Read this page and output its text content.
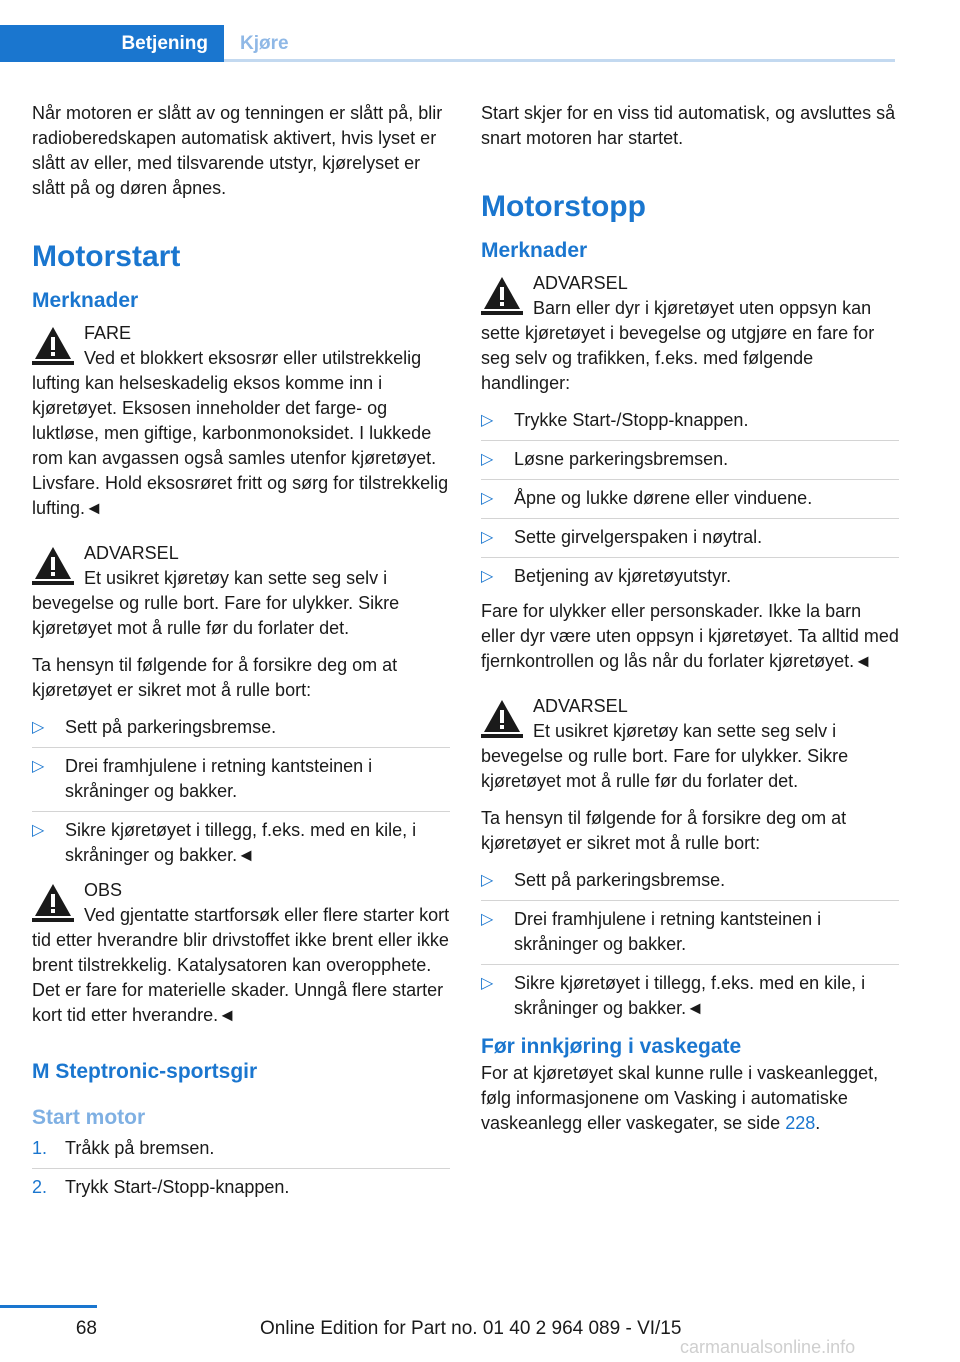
Betjening	Kjøre

Når motoren er slått av og tenningen er slått på, blir radioberedskapen automatisk aktivert, hvis lyset er slått av eller, med tilsvarende utstyr, kjørelyset er slått på og døren åpnes.

Motorstart
Merknader
FARE
Ved et blokkert eksosrør eller utilstrekkelig lufting kan helseskadelig eksos komme inn i kjøretøyet. Eksosen inneholder det farge- og luktløse, men giftige, karbonmonoksidet. I lukkede rom kan avgassen også samles utenfor kjøretøyet. Livsfare. Hold eksosrøret fritt og sørg for tilstrekkelig lufting.◄
ADVARSEL
Et usikret kjøretøy kan sette seg selv i bevegelse og rulle bort. Fare for ulykker. Sikre kjøretøyet mot å rulle før du forlater det.

Ta hensyn til følgende for å forsikre deg om at kjøretøyet er sikret mot å rulle bort:

▷ Sett på parkeringsbremse.
▷ Drei framhjulene i retning kantsteinen i skråninger og bakker.
▷ Sikre kjøretøyet i tillegg, f.eks. med en kile, i skråninger og bakker.◄
OBS
Ved gjentatte startforsøk eller flere starter kort tid etter hverandre blir drivstoffet ikke brent eller ikke brent tilstrekkelig. Katalysatoren kan overopphete. Det er fare for materielle skader. Unngå flere starter kort tid etter hverandre.◄
M Steptronic-sportsgir
Start motor
1. Tråkk på bremsen.
2. Trykk Start-/Stopp-knappen.

Start skjer for en viss tid automatisk, og avsluttes så snart motoren har startet.

Motorstopp
Merknader
ADVARSEL
Barn eller dyr i kjøretøyet uten oppsyn kan sette kjøretøyet i bevegelse og utgjøre en fare for seg selv og trafikken, f.eks. med følgende handlinger:
▷ Trykke Start-/Stopp-knappen.
▷ Løsne parkeringsbremsen.
▷ Åpne og lukke dørene eller vinduene.
▷ Sette girvelgerspaken i nøytral.
▷ Betjening av kjøretøyutstyr.

Fare for ulykker eller personskader. Ikke la barn eller dyr være uten oppsyn i kjøretøyet. Ta alltid med fjernkontrollen og lås når du forlater kjøretøyet.◄

ADVARSEL
Et usikret kjøretøy kan sette seg selv i bevegelse og rulle bort. Fare for ulykker. Sikre kjøretøyet mot å rulle før du forlater det.

Ta hensyn til følgende for å forsikre deg om at kjøretøyet er sikret mot å rulle bort:

▷ Sett på parkeringsbremse.
▷ Drei framhjulene i retning kantsteinen i skråninger og bakker.
▷ Sikre kjøretøyet i tillegg, f.eks. med en kile, i skråninger og bakker.◄
Før innkjøring i vaskegate

For at kjøretøyet skal kunne rulle i vaskeanlegget, følg informasjonene om Vasking i automatiske vaskeanlegg eller vaskegater, se side 228.

68	Online Edition for Part no. 01 40 2 964 089 - VI/15
carmanualsonline.info
